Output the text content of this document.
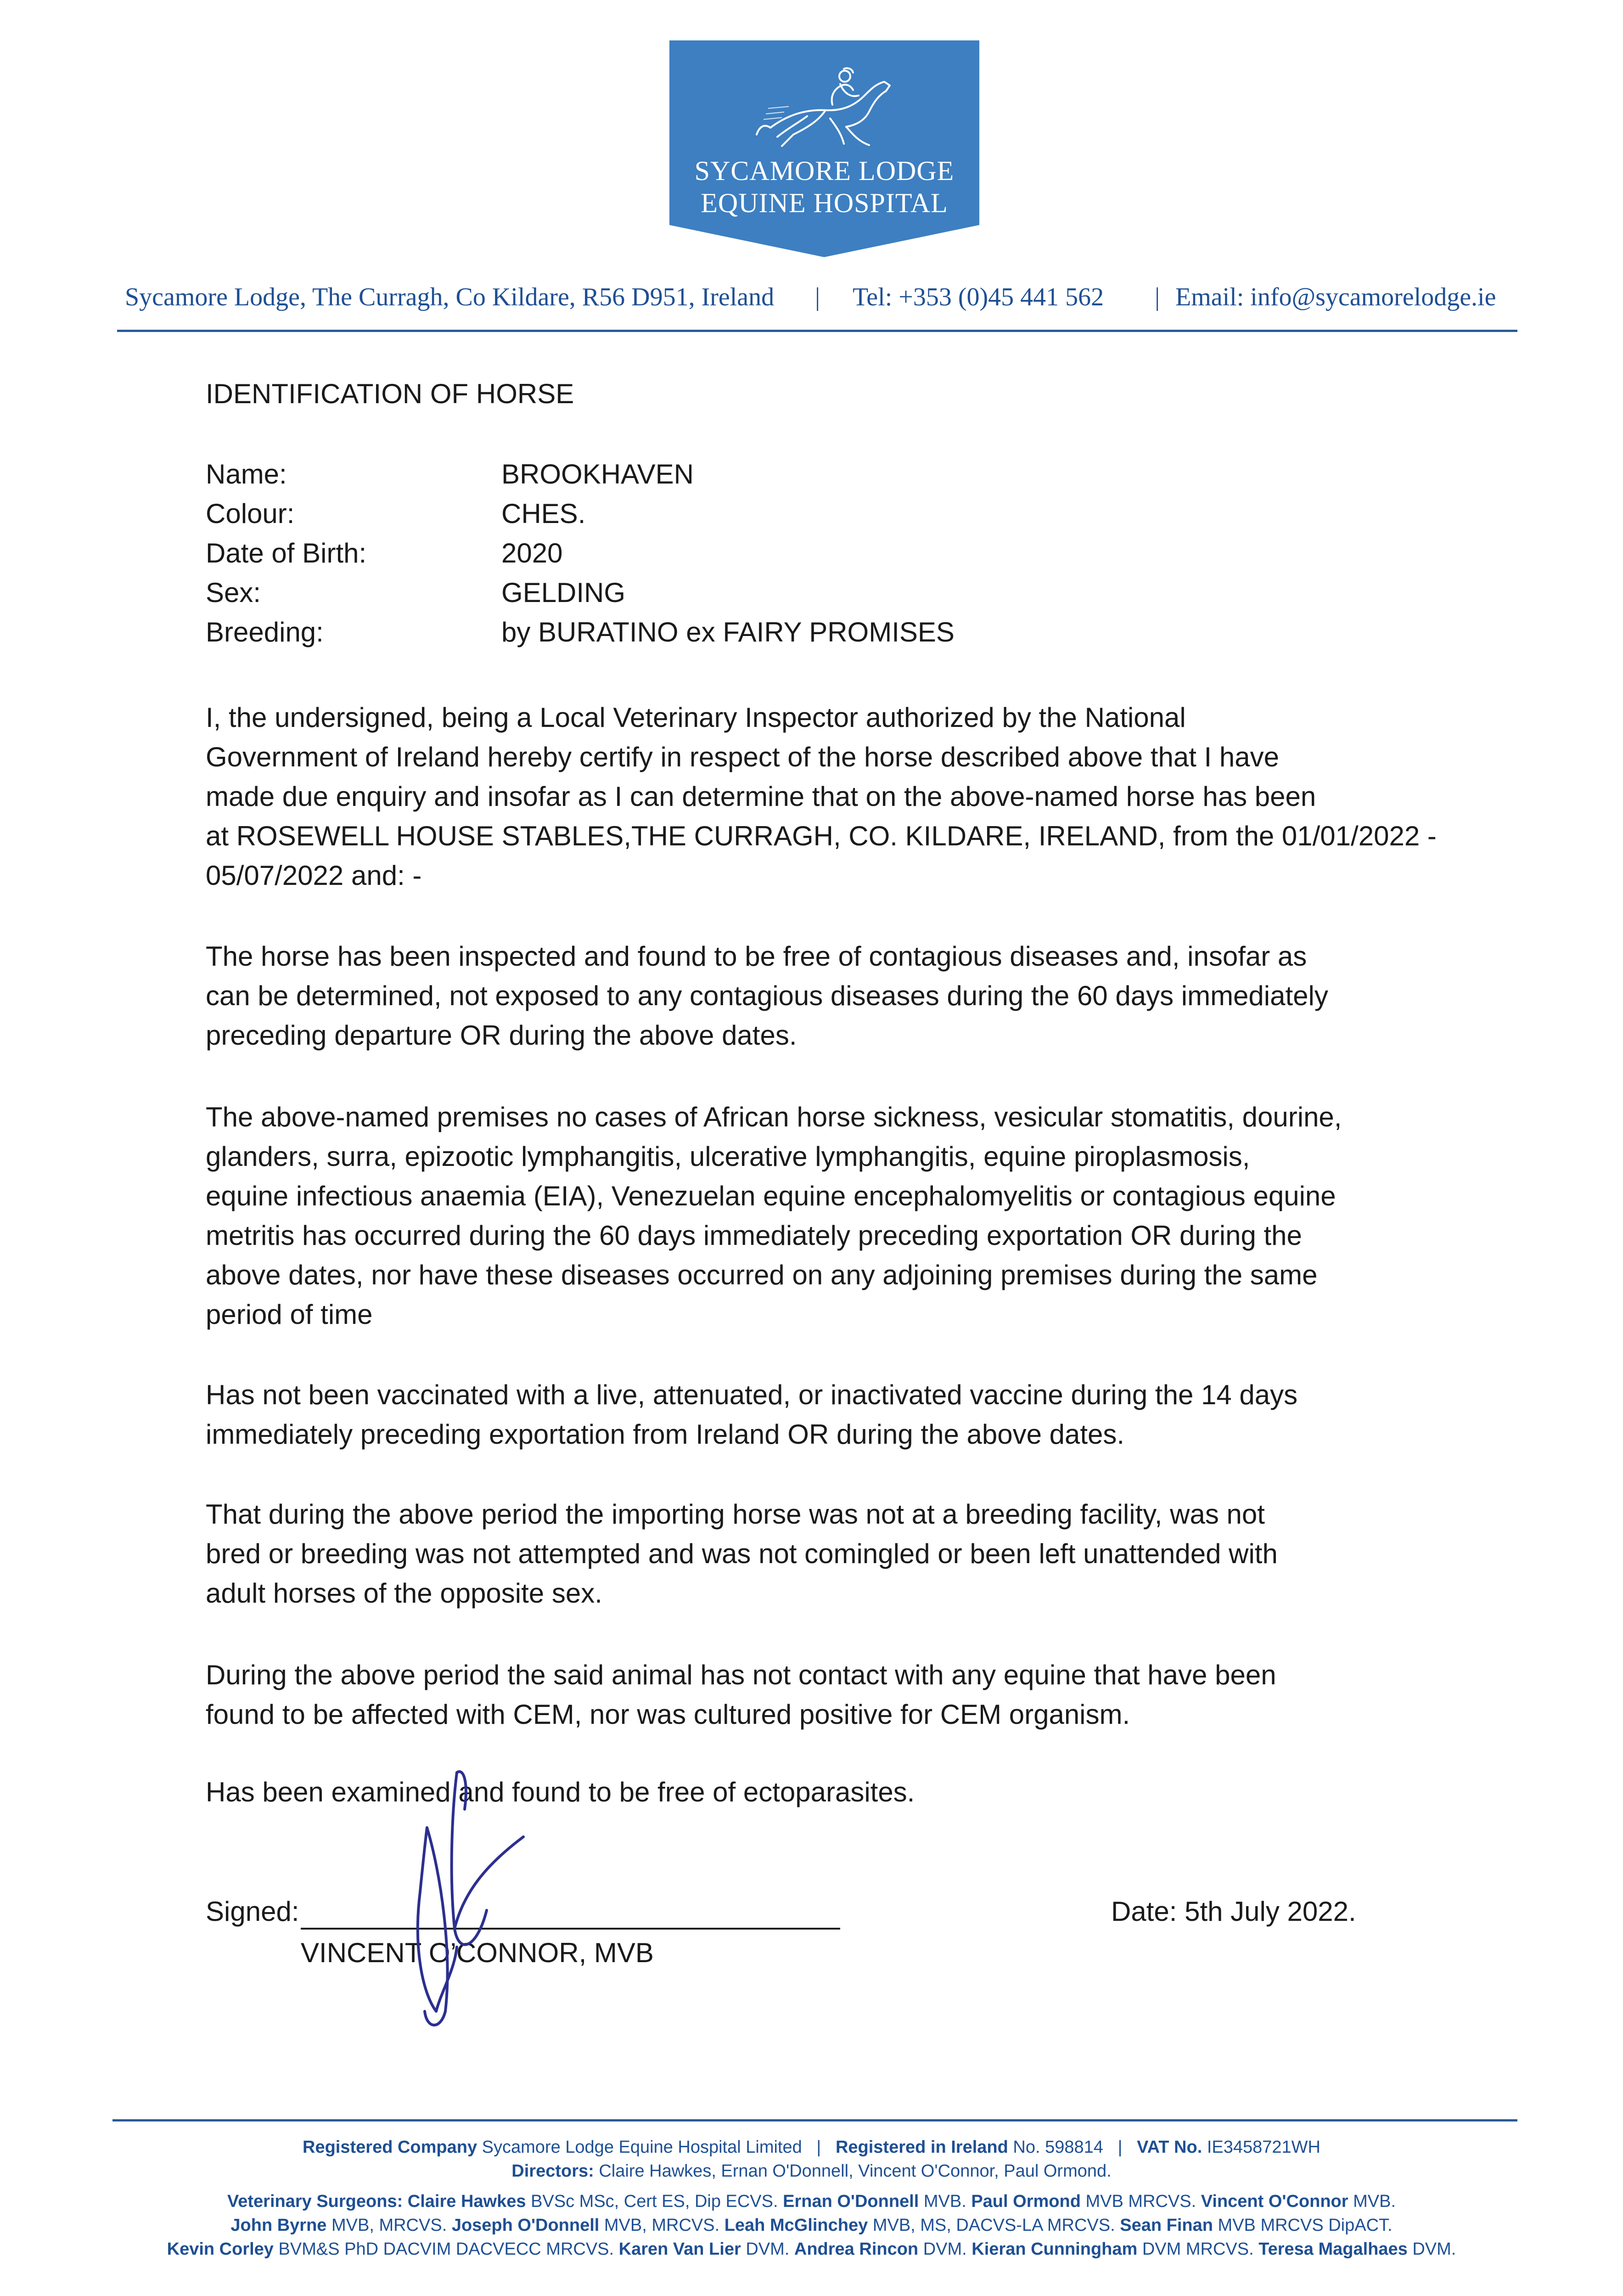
SYCAMORE LODGE
EQUINE HOSPITAL
Sycamore Lodge, The Curragh, Co Kildare, R56 D951, Ireland | Tel: +353 (0)45 441 562 | Email: info@sycamorelodge.ie
IDENTIFICATION OF HORSE
Name:	BROOKHAVEN
Colour:	CHES.
Date of Birth:	2020
Sex:	GELDING
Breeding:	by BURATINO ex FAIRY PROMISES
I, the undersigned, being a Local Veterinary Inspector authorized by the National
Government of Ireland hereby certify in respect of the horse described above that I have
made due enquiry and insofar as I can determine that on the above-named horse has been
at ROSEWELL HOUSE STABLES,THE CURRAGH, CO. KILDARE, IRELAND, from the 01/01/2022 -
05/07/2022 and: -
The horse has been inspected and found to be free of contagious diseases and, insofar as
can be determined, not exposed to any contagious diseases during the 60 days immediately
preceding departure OR during the above dates.
The above-named premises no cases of African horse sickness, vesicular stomatitis, dourine,
glanders, surra, epizootic lymphangitis, ulcerative lymphangitis, equine piroplasmosis,
equine infectious anaemia (EIA), Venezuelan equine encephalomyelitis or contagious equine
metritis has occurred during the 60 days immediately preceding exportation OR during the
above dates, nor have these diseases occurred on any adjoining premises during the same
period of time
Has not been vaccinated with a live, attenuated, or inactivated vaccine during the 14 days
immediately preceding exportation from Ireland OR during the above dates.
That during the above period the importing horse was not at a breeding facility, was not
bred or breeding was not attempted and was not comingled or been left unattended with
adult horses of the opposite sex.
During the above period the said animal has not contact with any equine that have been
found to be affected with CEM, nor was cultured positive for CEM organism.
Has been examined and found to be free of ectoparasites.
Signed:
VINCENT O’CONNOR, MVB
Date: 5th July 2022.
Registered Company Sycamore Lodge Equine Hospital Limited   |   Registered in Ireland No. 598814   |   VAT No. IE3458721WH
Directors: Claire Hawkes, Ernan O'Donnell, Vincent O'Connor, Paul Ormond.
Veterinary Surgeons: Claire Hawkes BVSc MSc, Cert ES, Dip ECVS. Ernan O'Donnell MVB. Paul Ormond MVB MRCVS. Vincent O'Connor MVB.
John Byrne MVB, MRCVS. Joseph O'Donnell MVB, MRCVS. Leah McGlinchey MVB, MS, DACVS-LA MRCVS. Sean Finan MVB MRCVS DipACT.
Kevin Corley BVM&S PhD DACVIM DACVECC MRCVS. Karen Van Lier DVM. Andrea Rincon DVM. Kieran Cunningham DVM MRCVS. Teresa Magalhaes DVM.
